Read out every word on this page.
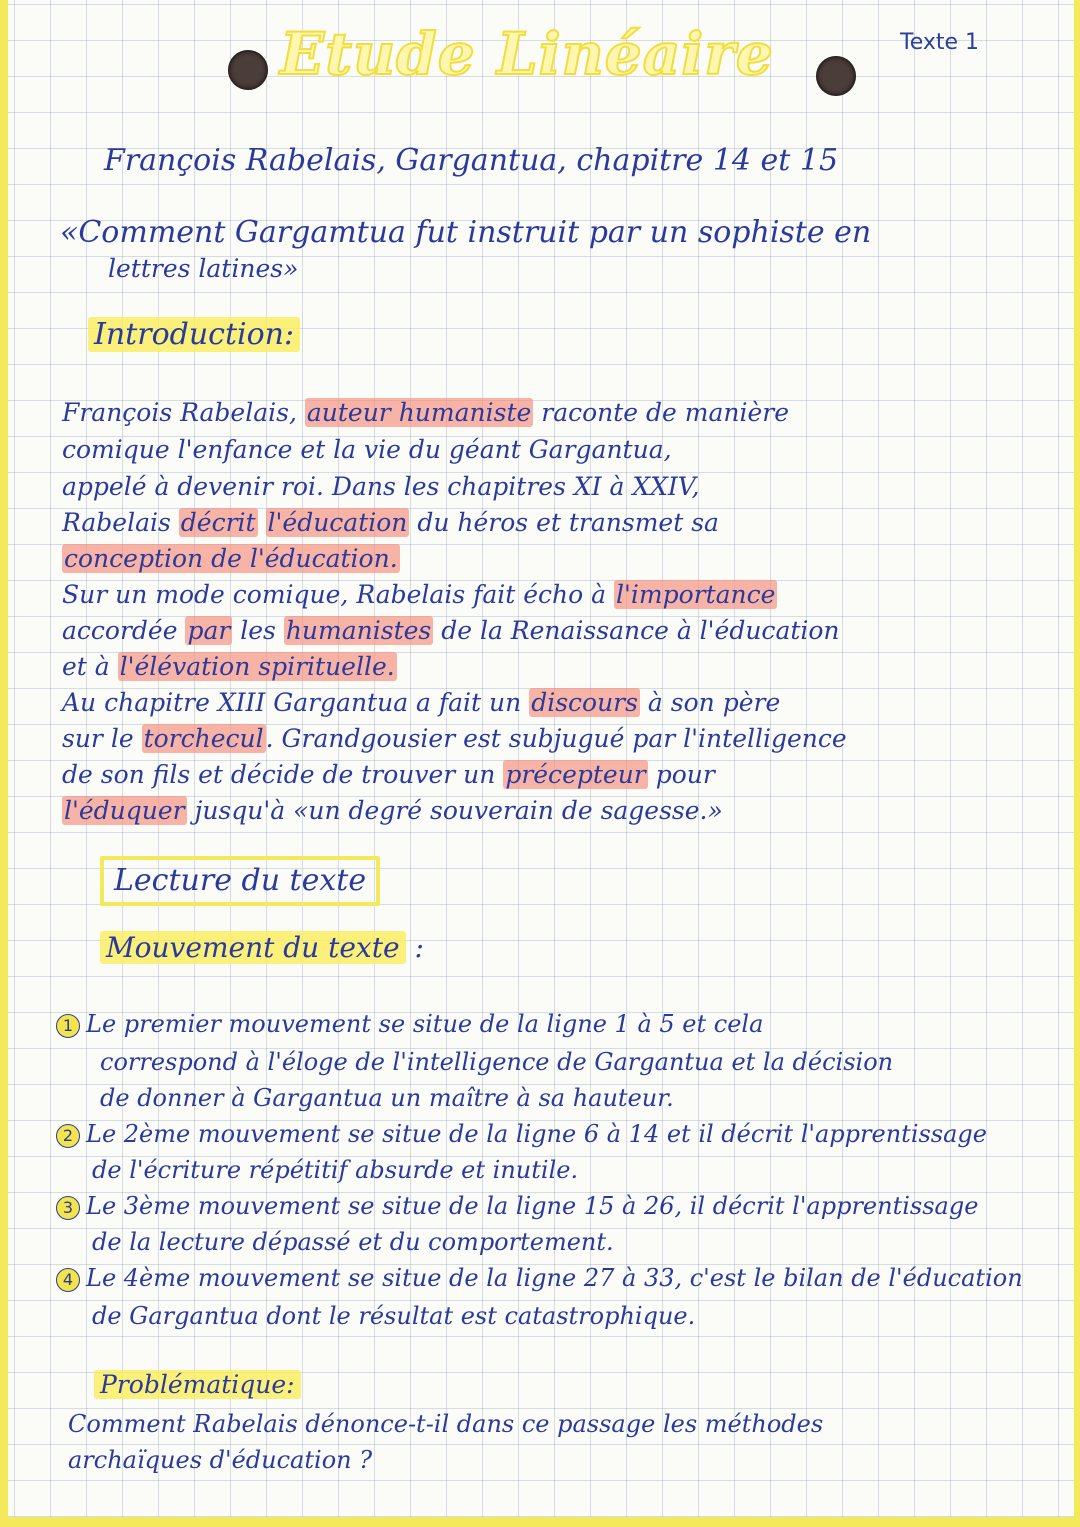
Etude Linéaire	Texte 1

François Rabelais, Gargantua, chapitre 14 et 15

«Comment Gargamtua fut instruit par un sophiste en

lettres latines»

Introduction:

François Rabelais, auteur humaniste raconte de manière

comique l'enfance et la vie du géant Gargantua,

appelé à devenir roi. Dans les chapitres XI à XXIV,

Rabelais décrit l'éducation du héros et transmet sa

conception de l'éducation.

Sur un mode comique, Rabelais fait écho à l'importance

accordée par les humanistes de la Renaissance à l'éducation

et à l'élévation spirituelle.

Au chapitre XIII Gargantua a fait un discours à son père

sur le torchecul. Grandgousier est subjugué par l'intelligence

de son fils et décide de trouver un précepteur pour

l'éduquer jusqu'à «un degré souverain de sagesse.»

Lecture du texte
Mouvement du texte :
1 Le premier mouvement se situe de la ligne 1 à 5 et cela

correspond à l'éloge de l'intelligence de Gargantua et la décision

de donner à Gargantua un maître à sa hauteur.

2 Le 2ème mouvement se situe de la ligne 6 à 14 et il décrit l'apprentissage

de l'écriture répétitif absurde et inutile.

3 Le 3ème mouvement se situe de la ligne 15 à 26, il décrit l'apprentissage

de la lecture dépassé et du comportement.

4 Le 4ème mouvement se situe de la ligne 27 à 33, c'est le bilan de l'éducation

de Gargantua dont le résultat est catastrophique.

Problématique:

Comment Rabelais dénonce-t-il dans ce passage les méthodes

archaïques d'éducation ?
